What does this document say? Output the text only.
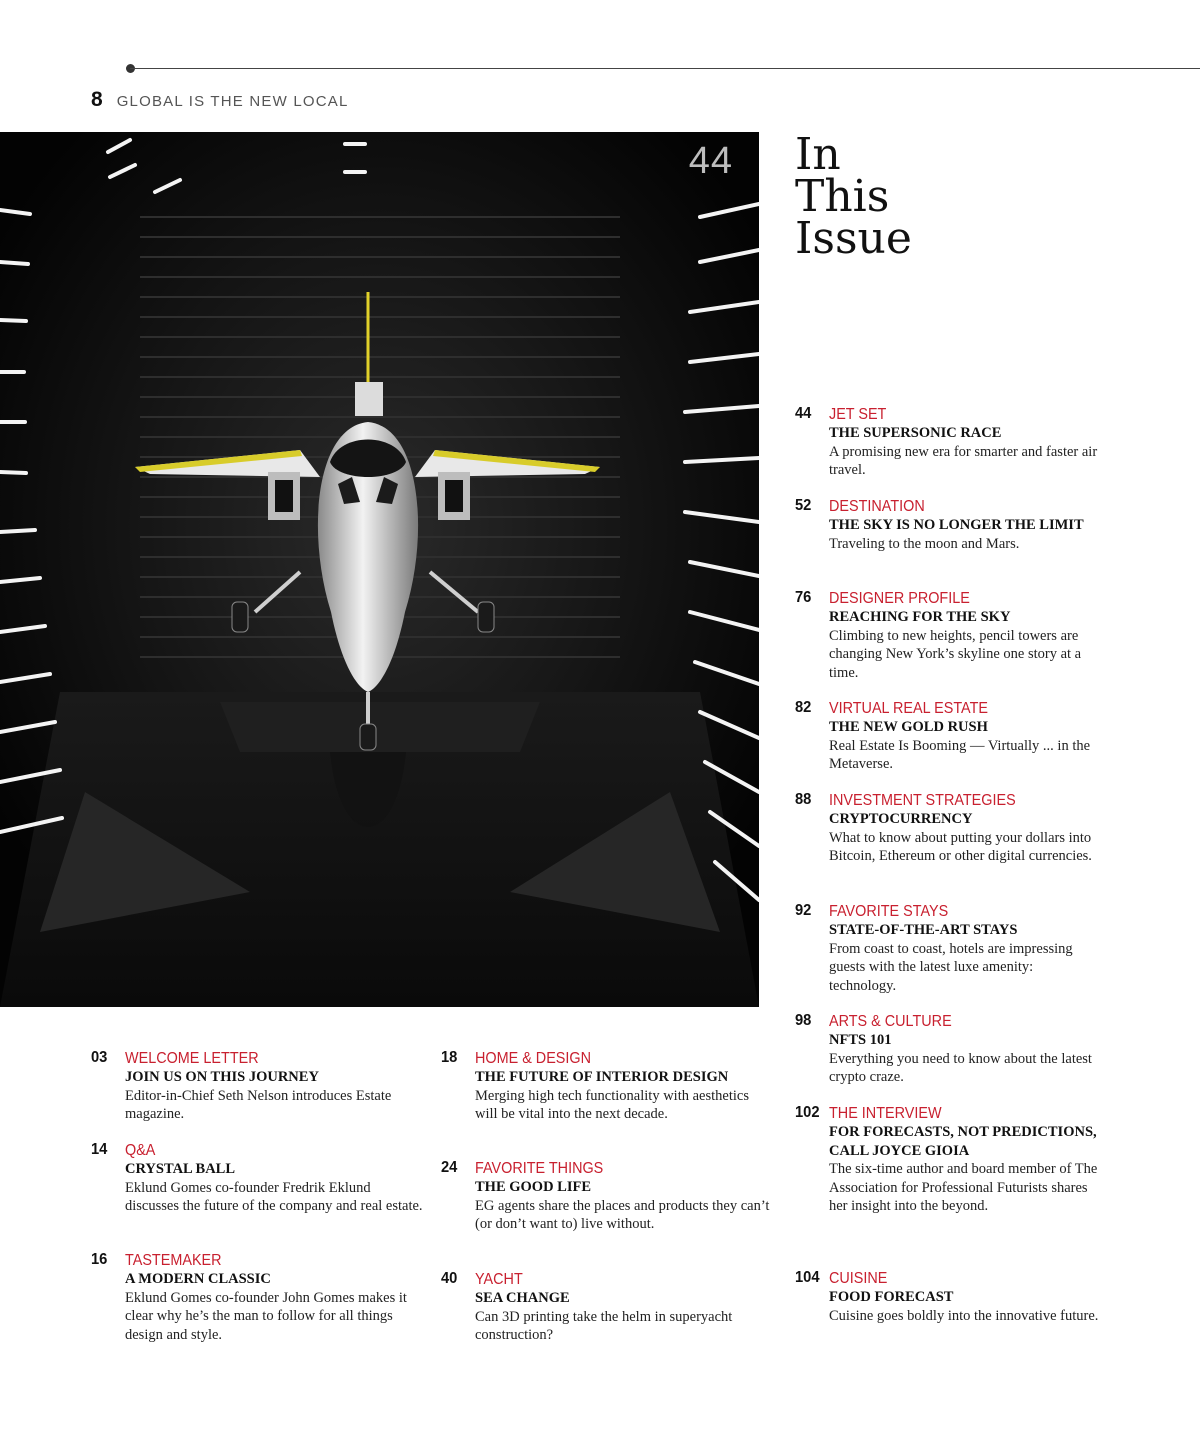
8 GLOBAL IS THE NEW LOCAL
44 In
This
Issue
44 JET SET
THE SUPERSONIC RACE
A promising new era for smarter and faster air travel.
52 DESTINATION
THE SKY IS NO LONGER THE LIMIT
Traveling to the moon and Mars.
76 DESIGNER PROFILE
REACHING FOR THE SKY
Climbing to new heights, pencil towers are changing New York’s skyline one story at a time.
82 VIRTUAL REAL ESTATE
THE NEW GOLD RUSH
Real Estate Is Booming — Virtually ... in the Metaverse.
88 INVESTMENT STRATEGIES
CRYPTOCURRENCY
What to know about putting your dollars into Bitcoin, Ethereum or other digital currencies.
92 FAVORITE STAYS
STATE-OF-THE-ART STAYS
From coast to coast, hotels are impressing guests with the latest luxe amenity: technology.
98 ARTS & CULTURE
NFTS 101
Everything you need to know about the latest crypto craze.
102 THE INTERVIEW
FOR FORECASTS, NOT PREDICTIONS, CALL JOYCE GIOIA
The six-time author and board member of The Association for Professional Futurists shares her insight into the beyond.
104 CUISINE
FOOD FORECAST
Cuisine goes boldly into the innovative future.
03 WELCOME LETTER
JOIN US ON THIS JOURNEY
Editor-in-Chief Seth Nelson introduces Estate magazine.
14 Q&A
CRYSTAL BALL
Eklund Gomes co-founder Fredrik Eklund discusses the future of the company and real estate.
16 TASTEMAKER
A MODERN CLASSIC
Eklund Gomes co-founder John Gomes makes it clear why he’s the man to follow for all things design and style.
18 HOME & DESIGN
THE FUTURE OF INTERIOR DESIGN
Merging high tech functionality with aesthetics will be vital into the next decade.
24 FAVORITE THINGS
THE GOOD LIFE
EG agents share the places and products they can’t (or don’t want to) live without.
40 YACHT
SEA CHANGE
Can 3D printing take the helm in superyacht construction?
